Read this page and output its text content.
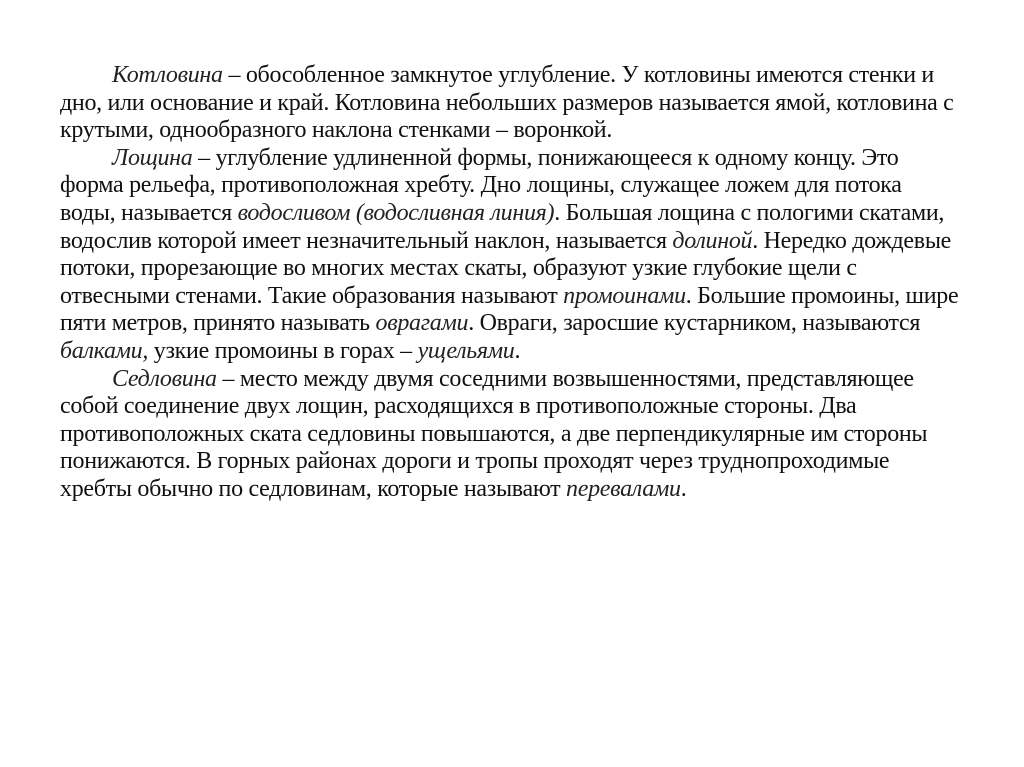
Котловина – обособленное замкнутое углубление. У котловины имеются стенки и дно, или основание и край. Котловина небольших размеров называется ямой, котловина с крутыми, однообразного наклона стенками – воронкой.

Лощина – углубление удлиненной формы, понижающееся к одному концу. Это форма рельефа, противоположная хребту. Дно лощины, служащее ложем для потока воды, называется водосливом (водосливная линия). Большая лощина с пологими скатами, водослив которой имеет незначительный наклон, называется долиной. Нередко дождевые потоки, прорезающие во многих местах скаты, образуют узкие глубокие щели с отвесными стенами. Такие образования называют промоинами. Большие промоины, шире пяти метров, принято называть оврагами. Овраги, заросшие кустарником, называются балками, узкие промоины в горах – ущельями.

Седловина – место между двумя соседними возвышенностями, представляющее собой соединение двух лощин, расходящихся в противоположные стороны. Два противоположных ската седловины повышаются, а две перпендикулярные им стороны понижаются. В горных районах дороги и тропы проходят через труднопроходимые хребты обычно по седловинам, которые называют перевалами.
